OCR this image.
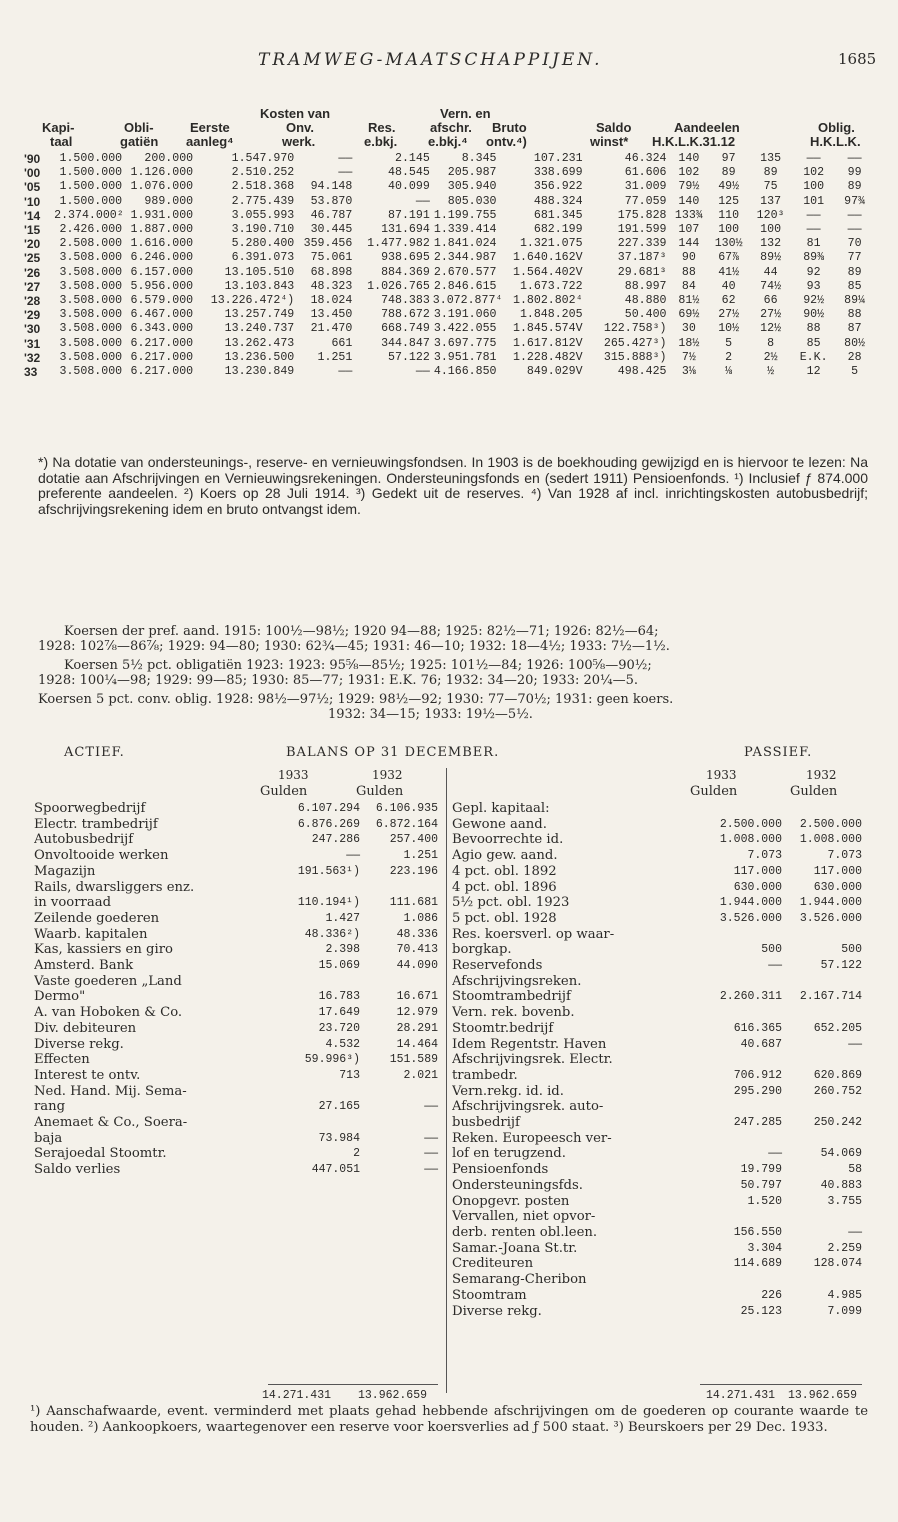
TRAMWEG-MAATSCHAPPIJEN.	1685
Kosten van	Vern. en
Kapi-	Obli-	Eerste	Onv.	Res.	afschr. Bruto	Saldo	Aandeelen	Oblig.
taal	gatiën aanleg⁴	werk.	e.bkj. e.bkj.⁴ ontv.⁴)	winst* H.K.L.K.31.12	H.K.L.K.
'90	1.500.000	200.000	1.547.970	——	2.145	8.345	107.231	46.324	140	97	135	——	——
'00	1.500.000	1.126.000	2.510.252	——	48.545	205.987	338.699	61.606	102	89	89	102	99
'05	1.500.000	1.076.000	2.518.368	94.148	40.099	305.940	356.922	31.009	79½	49½	75	100	89
'10	1.500.000	989.000	2.775.439	53.870	——	805.030	488.324	77.059	140	125	137	101	97¾
'14	2.374.000²	1.931.000	3.055.993	46.787	87.191	1.199.755	681.345	175.828	133¾	110	120³	——	——
'15	2.426.000	1.887.000	3.190.710	30.445	131.694	1.339.414	682.199	191.599	107	100	100	——	——
'20	2.508.000	1.616.000	5.280.400	359.456	1.477.982	1.841.024	1.321.075	227.339	144	130½	132	81	70
'25	3.508.000	6.246.000	6.391.073	75.061	938.695	2.344.987	1.640.162V	37.187³	90	67⅞	89½	89⅜	77
'26	3.508.000	6.157.000	13.105.510	68.898	884.369	2.670.577	1.564.402V	29.681³	88	41½	44	92	89
'27	3.508.000	5.956.000	13.103.843	48.323	1.026.765	2.846.615	1.673.722	88.997	84	40	74½	93	85
'28	3.508.000	6.579.000	13.226.472⁴)	18.024	748.383	3.072.877⁴	1.802.802⁴	48.880	81½	62	66	92½	89¼
'29	3.508.000	6.467.000	13.257.749	13.450	788.672	3.191.060	1.848.205	50.400	69½	27½	27½	90½	88
'30	3.508.000	6.343.000	13.240.737	21.470	668.749	3.422.055	1.845.574V	122.758³)	30	10½	12½	88	87
'31	3.508.000	6.217.000	13.262.473	661	344.847	3.697.775	1.617.812V	265.427³)	18½	5	8	85	80½
'32	3.508.000	6.217.000	13.236.500	1.251	57.122	3.951.781	1.228.482V	315.888³)	7½	2	2½	E.K.	28
33	3.508.000	6.217.000	13.230.849	——	——	4.166.850	849.029V	498.425	3⅛	⅛	½	12	5

*) Na dotatie van ondersteunings-, reserve- en vernieuwingsfondsen. In 1903 is de boekhouding gewijzigd en is hiervoor te lezen: Na dotatie aan Afschrijvingen en Vernieuwingsrekeningen. Ondersteuningsfonds en (sedert 1911) Pensioenfonds. ¹) Inclusief ƒ 874.000 preferente aandeelen. ²) Koers op 28 Juli 1914. ³) Gedekt uit de reserves. ⁴) Van 1928 af incl. inrichtingskosten autobusbedrijf; afschrijvingsrekening idem en bruto ontvangst idem.

Koersen der pref. aand. 1915: 100½—98½; 1920 94—88; 1925: 82½—71; 1926: 82½—64;
1928: 102⅞—86⅞; 1929: 94—80; 1930: 62¾—45; 1931: 46—10; 1932: 18—4½; 1933: 7½—1½.
Koersen 5½ pct. obligatiën 1923: 1923: 95⅝—85½; 1925: 101½—84; 1926: 100⅝—90½;
1928: 100¼—98; 1929: 99—85; 1930: 85—77; 1931: E.K. 76; 1932: 34—20; 1933: 20¼—5.
Koersen 5 pct. conv. oblig. 1928: 98½—97½; 1929: 98½—92; 1930: 77—70½; 1931: geen koers.
1932: 34—15; 1933: 19½—5½.
ACTIEF.	BALANS OP 31 DECEMBER.	PASSIEF.
1933	1932	1933	1932
Gulden	Gulden	Gulden	Gulden
Spoorwegbedrijf	6.107.294	6.106.935
Electr. trambedrijf	6.876.269	6.872.164
Autobusbedrijf	247.286	257.400
Onvoltooide werken	——	1.251
Magazijn	191.563¹)	223.196
Rails, dwarsliggers enz.		
in voorraad	110.194¹)	111.681
Zeilende goederen	1.427	1.086
Waarb. kapitalen	48.336²)	48.336
Kas, kassiers en giro	2.398	70.413
Amsterd. Bank	15.069	44.090
Vaste goederen „Land		
Dermo"	16.783	16.671
A. van Hoboken & Co.	17.649	12.979
Div. debiteuren	23.720	28.291
Diverse rekg.	4.532	14.464
Effecten	59.996³)	151.589
Interest te ontv.	713	2.021
Ned. Hand. Mij. Sema-		
rang	27.165	——
Anemaet & Co., Soera-		
baja	73.984	——
Serajoedal Stoomtr.	2	——
Saldo verlies	447.051	——
Gepl. kapitaal:		
Gewone aand.	2.500.000	2.500.000
Bevoorrechte id.	1.008.000	1.008.000
Agio gew. aand.	7.073	7.073
4 pct. obl. 1892	117.000	117.000
4 pct. obl. 1896	630.000	630.000
5½ pct. obl. 1923	1.944.000	1.944.000
5 pct. obl. 1928	3.526.000	3.526.000
Res. koersverl. op waar-		
borgkap.	500	500
Reservefonds	——	57.122
Afschrijvingsreken.		
Stoomtrambedrijf	2.260.311	2.167.714
Vern. rek. bovenb.		
Stoomtr.bedrijf	616.365	652.205
Idem Regentstr. Haven	40.687	——
Afschrijvingsrek. Electr.		
trambedr.	706.912	620.869
Vern.rekg. id. id.	295.290	260.752
Afschrijvingsrek. auto-		
busbedrijf	247.285	250.242
Reken. Europeesch ver-		
lof en terugzend.	——	54.069
Pensioenfonds	19.799	58
Ondersteuningsfds.	50.797	40.883
Onopgevr. posten	1.520	3.755
Vervallen, niet opvor-		
derb. renten obl.leen.	156.550	——
Samar.-Joana St.tr.	3.304	2.259
Crediteuren	114.689	128.074
Semarang-Cheribon		
Stoomtram	226	4.985
Diverse rekg.	25.123	7.099
14.271.431 13.962.659	14.271.431 13.962.659

¹) Aanschafwaarde, event. verminderd met plaats gehad hebbende afschrijvingen om de goederen op courante waarde te houden. ²) Aankoopkoers, waartegenover een reserve voor koersverlies ad ƒ 500 staat. ³) Beurskoers per 29 Dec. 1933.
